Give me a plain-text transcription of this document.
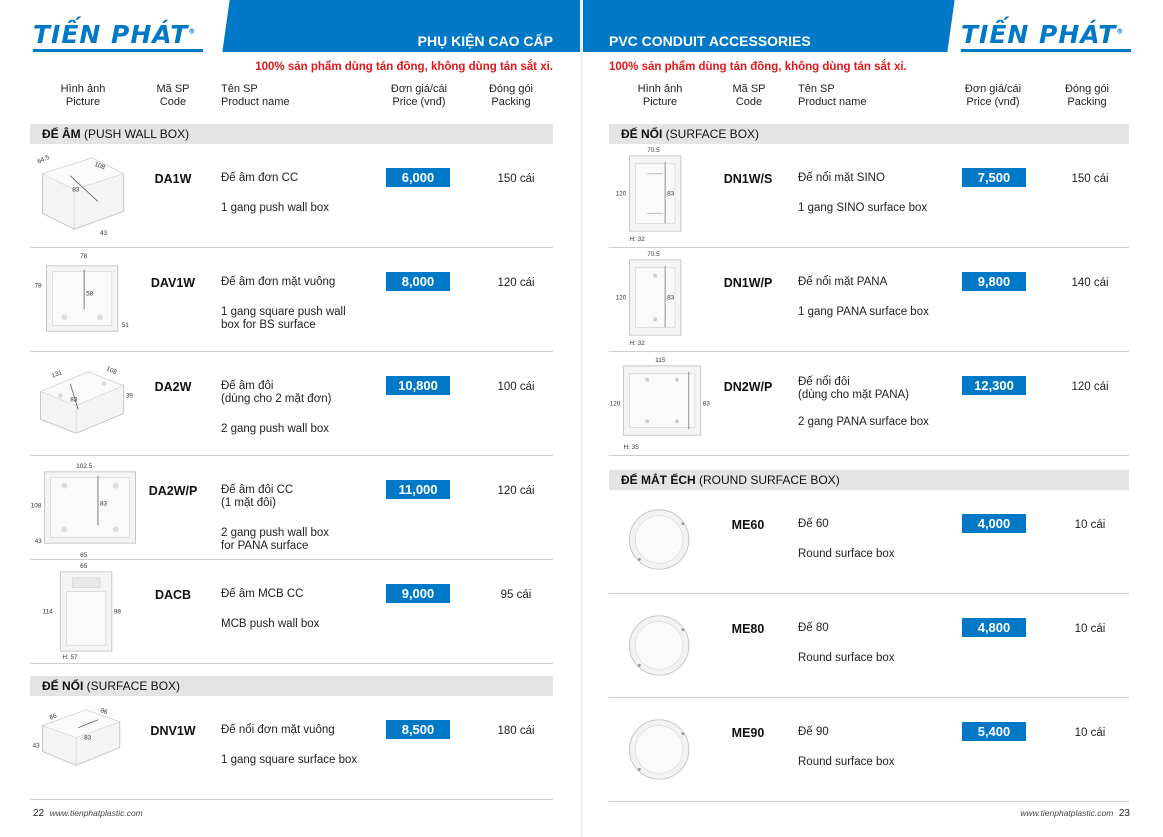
TIẾN PHÁT®
PHỤ KIỆN CAO CẤP
100% sản phẩm dùng tán đồng, không dùng tán sắt xi.
Hình ảnh
Picture
Mã SP
Code
Tên SP
Product name
Đơn giá/cái
Price (vnđ)
Đóng gói
Packing
ĐẾ ÂM (PUSH WALL BOX)
64.5
108
83
43
DA1W	Đế âm đơn CC
1 gang push wall box
6,000	150 cái
78
78
58
51
DAV1W	Đế âm đơn mặt vuông
1 gang square push wall
box for BS surface
8,000	120 cái
131	108
83
39
DA2W	Đế âm đôi
(dùng cho 2 mặt đơn)
2 gang push wall box
10,800	100 cái
102.5
108	83
43
65
DA2W/P	Đế âm đôi CC
(1 mặt đôi)
2 gang push wall box
for PANA surface
11,000	120 cái
65
114	98
H: 57
DACB	Đế âm MCB CC
MCB push wall box
9,000	95 cái
ĐẾ NỔI (SURFACE BOX)
86
86
83
43
DNV1W	Đế nổi đơn mặt vuông
1 gang square surface box
8,500	180 cái
22 www.tienphatplastic.com
TIẾN PHÁT®
PVC CONDUIT ACCESSORIES
100% sản phẩm dùng tán đồng, không dùng tán sắt xi.
Hình ảnh
Picture
Mã SP
Code
Tên SP
Product name
Đơn giá/cái
Price (vnđ)
Đóng gói
Packing
ĐẾ NỔI (SURFACE BOX)
70.5
120	83
H: 32
DN1W/S	Đế nổi mặt SINO
1 gang SINO surface box
7,500	150 cái
70.5
120	83
H: 32
DN1W/P	Đế nổi mặt PANA
1 gang PANA surface box
9,800	140 cái
115
120	83
H: 35
DN2W/P	Đế nổi đôi
(dùng cho mặt PANA)
2 gang PANA surface box
12,300	120 cái
ĐẾ MẮT ẾCH (ROUND SURFACE BOX)
ME60	Đế 60
Round surface box
4,000	10 cái
ME80	Đế 80
Round surface box
4,800	10 cái
ME90	Đế 90
Round surface box
5,400	10 cái
www.tienphatplastic.com 23
